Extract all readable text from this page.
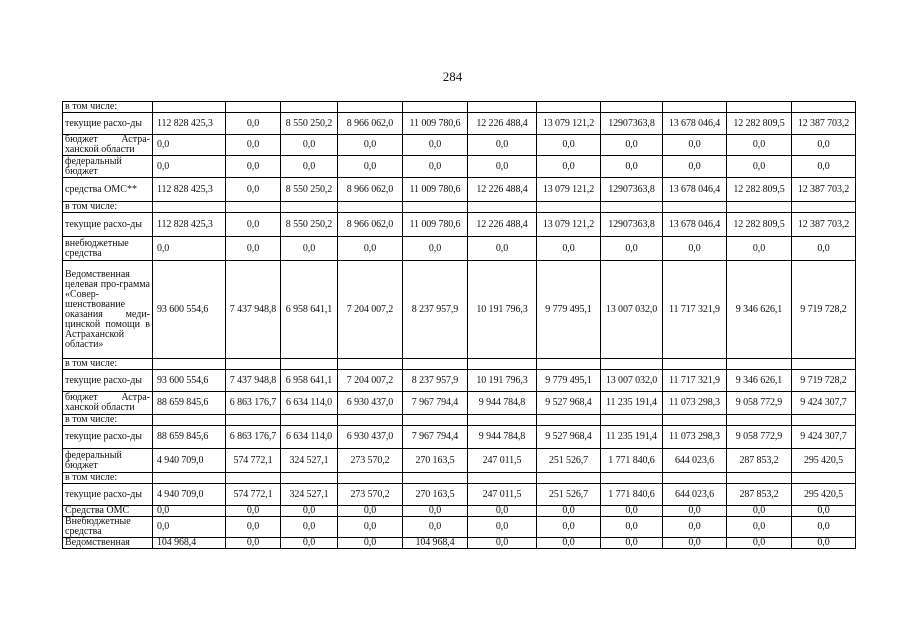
284
в том числе:											
текущие расхо-ды	112 828 425,3	0,0	8 550 250,2	8 966 062,0	11 009 780,6	12 226 488,4	13 079 121,2	12907363,8	13 678 046,4	12 282 809,5	12 387 703,2
бюджет Астра-ханской области	0,0	0,0	0,0	0,0	0,0	0,0	0,0	0,0	0,0	0,0	0,0
федеральный бюджет	0,0	0,0	0,0	0,0	0,0	0,0	0,0	0,0	0,0	0,0	0,0
средства ОМС**	112 828 425,3	0,0	8 550 250,2	8 966 062,0	11 009 780,6	12 226 488,4	13 079 121,2	12907363,8	13 678 046,4	12 282 809,5	12 387 703,2
в том числе:											
текущие расхо-ды	112 828 425,3	0,0	8 550 250,2	8 966 062,0	11 009 780,6	12 226 488,4	13 079 121,2	12907363,8	13 678 046,4	12 282 809,5	12 387 703,2
внебюджетные средства	0,0	0,0	0,0	0,0	0,0	0,0	0,0	0,0	0,0	0,0	0,0
Ведомственная целевая про-грамма «Совер-шенствование оказания меди-цинской помощи в Астраханской области»	93 600 554,6	7 437 948,8	6 958 641,1	7 204 007,2	8 237 957,9	10 191 796,3	9 779 495,1	13 007 032,0	11 717 321,9	9 346 626,1	9 719 728,2
в том числе:											
текущие расхо-ды	93 600 554,6	7 437 948,8	6 958 641,1	7 204 007,2	8 237 957,9	10 191 796,3	9 779 495,1	13 007 032,0	11 717 321,9	9 346 626,1	9 719 728,2
бюджет Астра-ханской области	88 659 845,6	6 863 176,7	6 634 114,0	6 930 437,0	7 967 794,4	9 944 784,8	9 527 968,4	11 235 191,4	11 073 298,3	9 058 772,9	9 424 307,7
в том числе:											
текущие расхо-ды	88 659 845,6	6 863 176,7	6 634 114,0	6 930 437,0	7 967 794,4	9 944 784,8	9 527 968,4	11 235 191,4	11 073 298,3	9 058 772,9	9 424 307,7
федеральный бюджет	4 940 709,0	574 772,1	324 527,1	273 570,2	270 163,5	247 011,5	251 526,7	1 771 840,6	644 023,6	287 853,2	295 420,5
в том числе:											
текущие расхо-ды	4 940 709,0	574 772,1	324 527,1	273 570,2	270 163,5	247 011,5	251 526,7	1 771 840,6	644 023,6	287 853,2	295 420,5
Средства ОМС	0,0	0,0	0,0	0,0	0,0	0,0	0,0	0,0	0,0	0,0	0,0
Внебюджетные средства	0,0	0,0	0,0	0,0	0,0	0,0	0,0	0,0	0,0	0,0	0,0
Ведомственная	104 968,4	0,0	0,0	0,0	104 968,4	0,0	0,0	0,0	0,0	0,0	0,0
